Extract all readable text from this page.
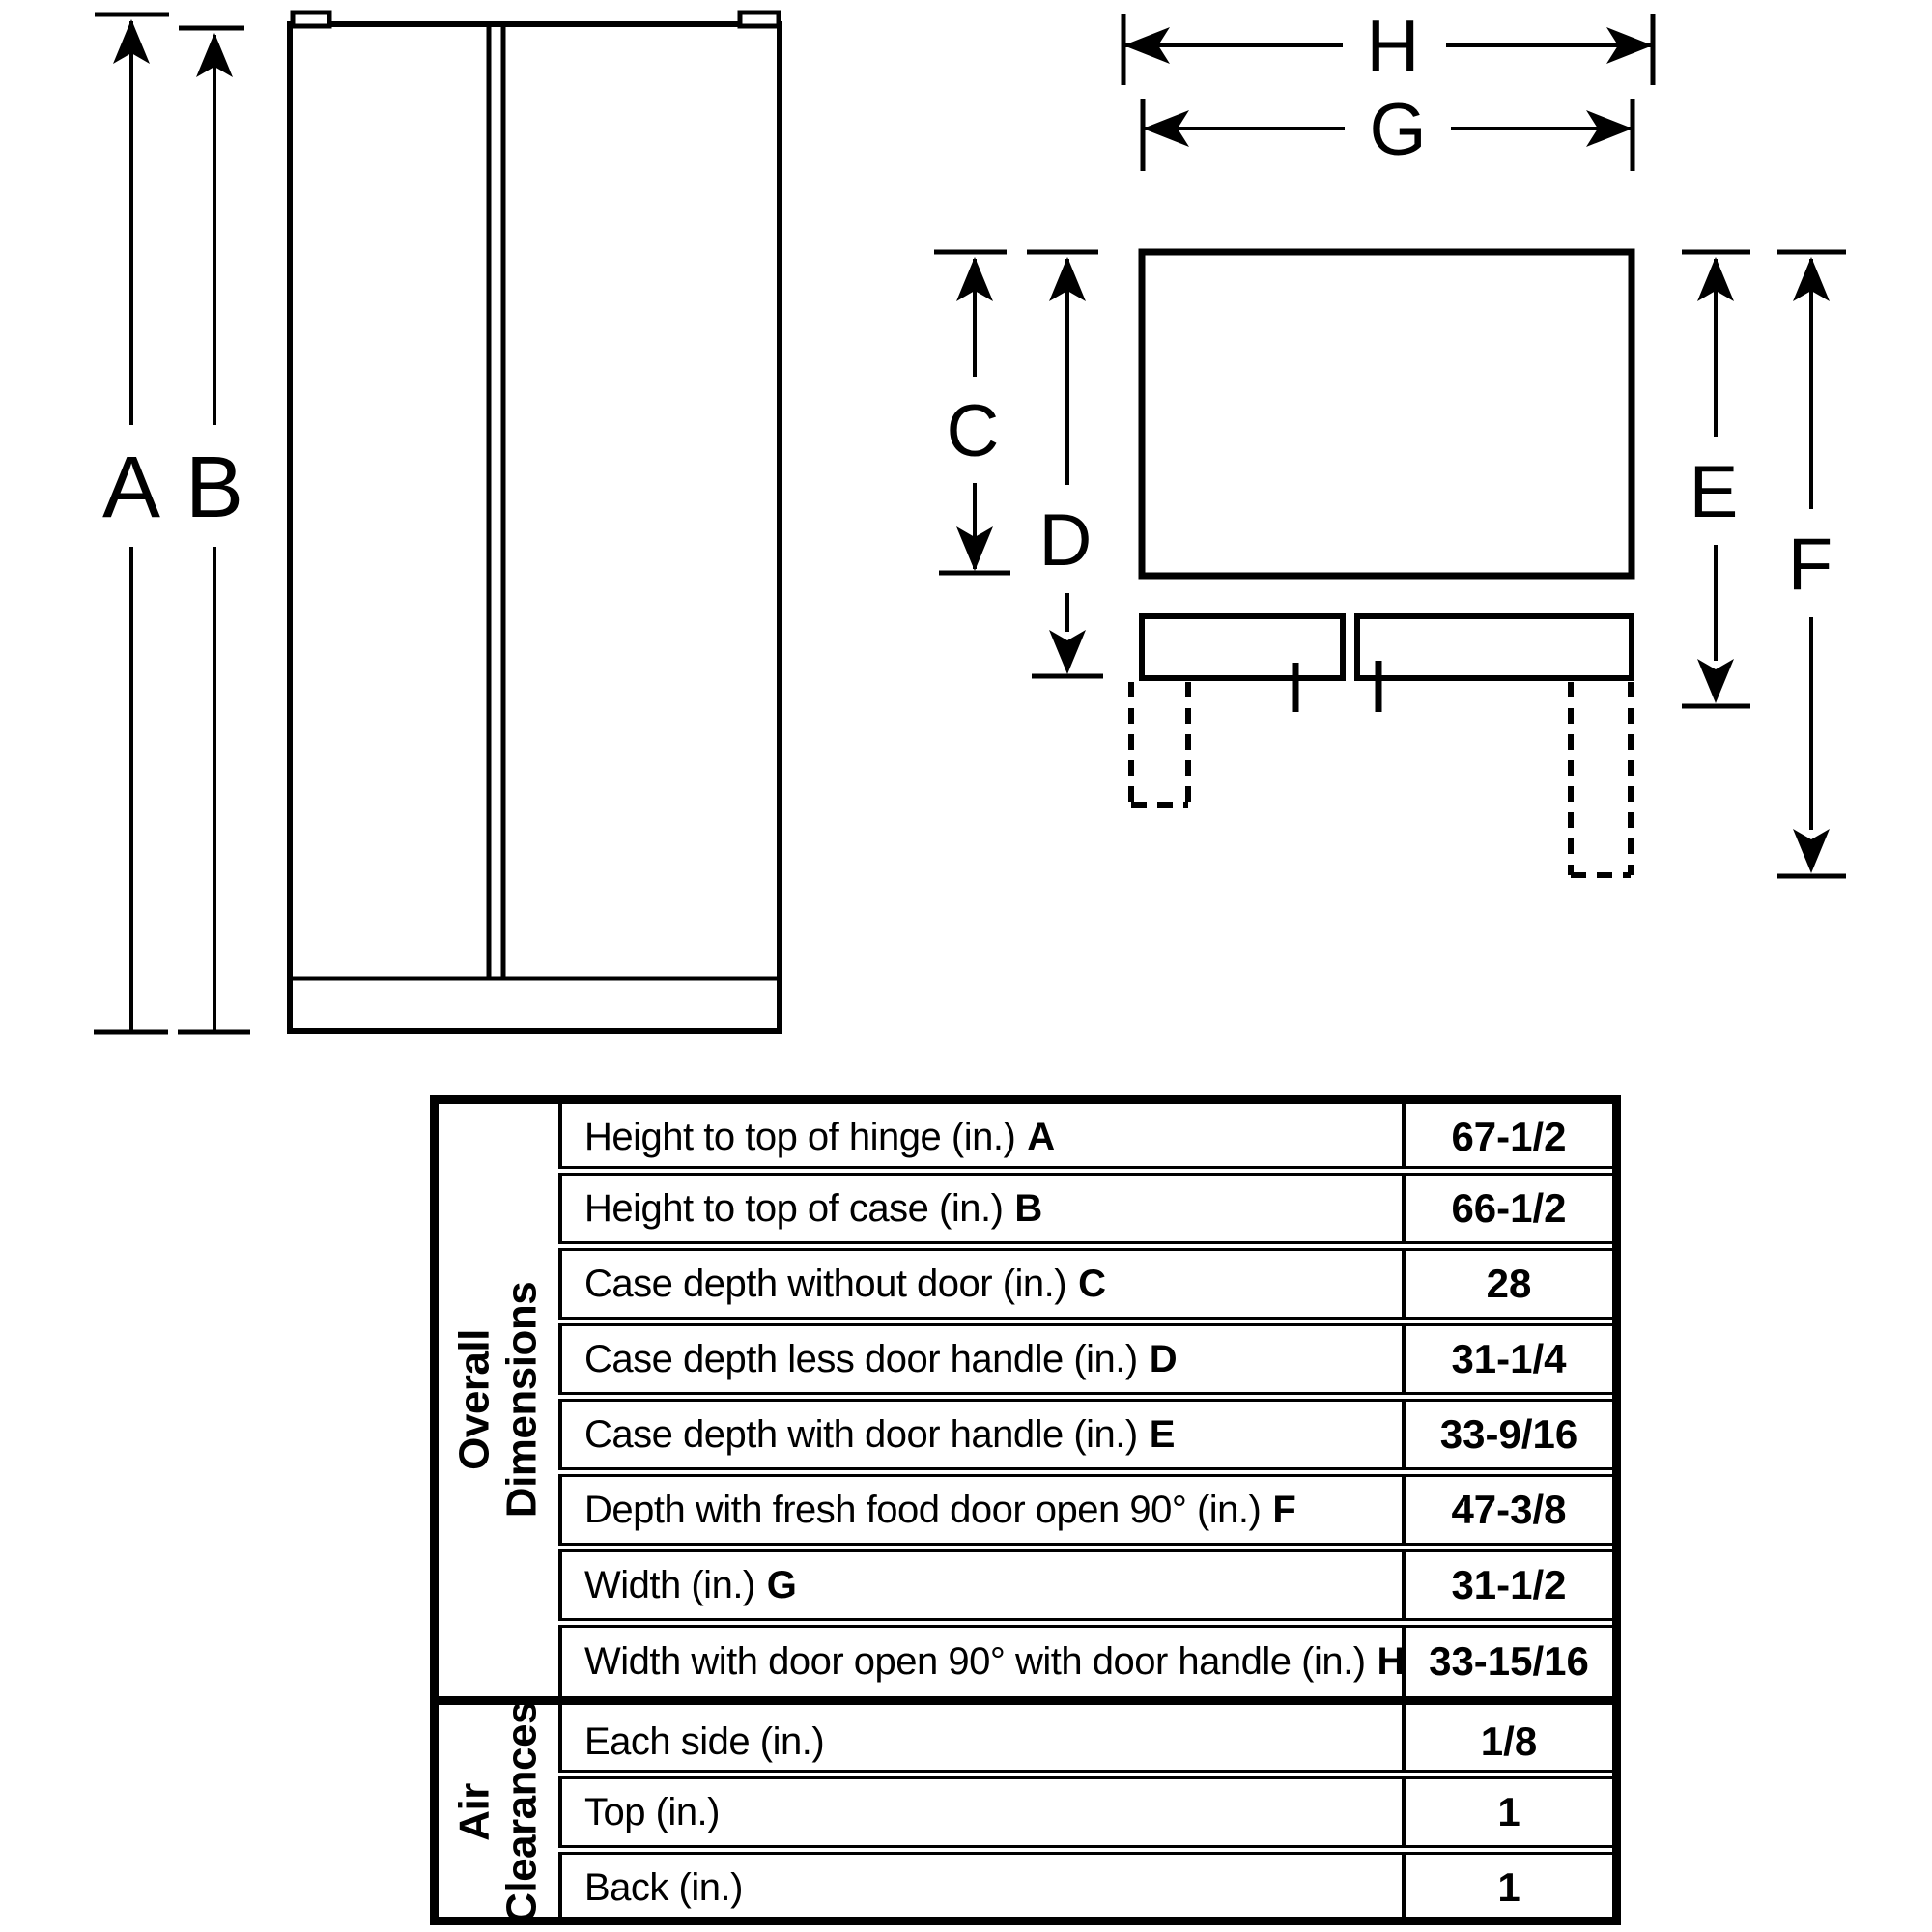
A B
H
G
C
D
E
F
Overall Dimensions
Air Clearances
Height to top of hinge (in.) A	67-1/2
Height to top of case (in.) B	66-1/2
Case depth without door (in.) C	28
Case depth less door handle (in.) D	31-1/4
Case depth with door handle (in.) E	33-9/16
Depth with fresh food door open 90° (in.) F	47-3/8
Width (in.) G	31-1/2
Width with door open 90° with door handle (in.) H 33-15/16
Each side (in.)	1/8
Top (in.)	1
Back (in.)	1
